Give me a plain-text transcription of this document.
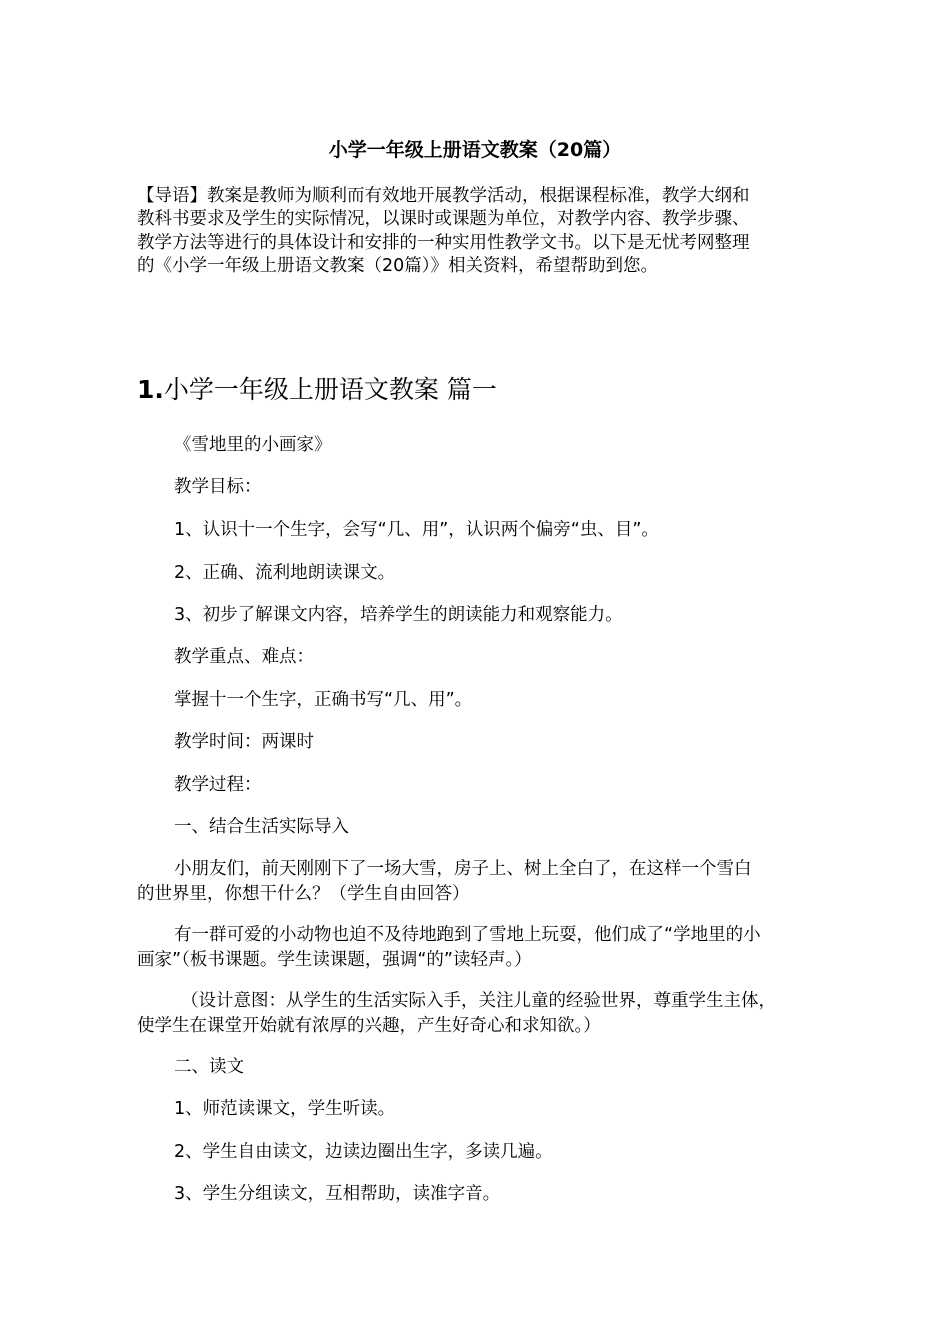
小学一年级上册语文教案（20篇）
【导语】教案是教师为顺利而有效地开展教学活动，根据课程标准，教学大纲和
教科书要求及学生的实际情况，以课时或课题为单位，对教学内容、教学步骤、
教学方法等进行的具体设计和安排的一种实用性教学文书。以下是无忧考网整理
的《小学一年级上册语文教案（20篇）》相关资料，希望帮助到您。
1.小学一年级上册语文教案 篇一
《雪地里的小画家》
教学目标：
1、认识十一个生字，会写“几、用”，认识两个偏旁“虫、目”。
2、正确、流利地朗读课文。
3、初步了解课文内容，培养学生的朗读能力和观察能力。
教学重点、难点：
掌握十一个生字，正确书写“几、用”。
教学时间：两课时
教学过程：
一、结合生活实际导入
小朋友们，前天刚刚下了一场大雪，房子上、树上全白了，在这样一个雪白
的世界里，你想干什么？（学生自由回答）
有一群可爱的小动物也迫不及待地跑到了雪地上玩耍，他们成了“学地里的小
画家”（板书课题。学生读课题，强调“的”读轻声。）
（设计意图：从学生的生活实际入手，关注儿童的经验世界，尊重学生主体，
使学生在课堂开始就有浓厚的兴趣，产生好奇心和求知欲。）
二、读文
1、师范读课文，学生听读。
2、学生自由读文，边读边圈出生字，多读几遍。
3、学生分组读文，互相帮助，读准字音。
